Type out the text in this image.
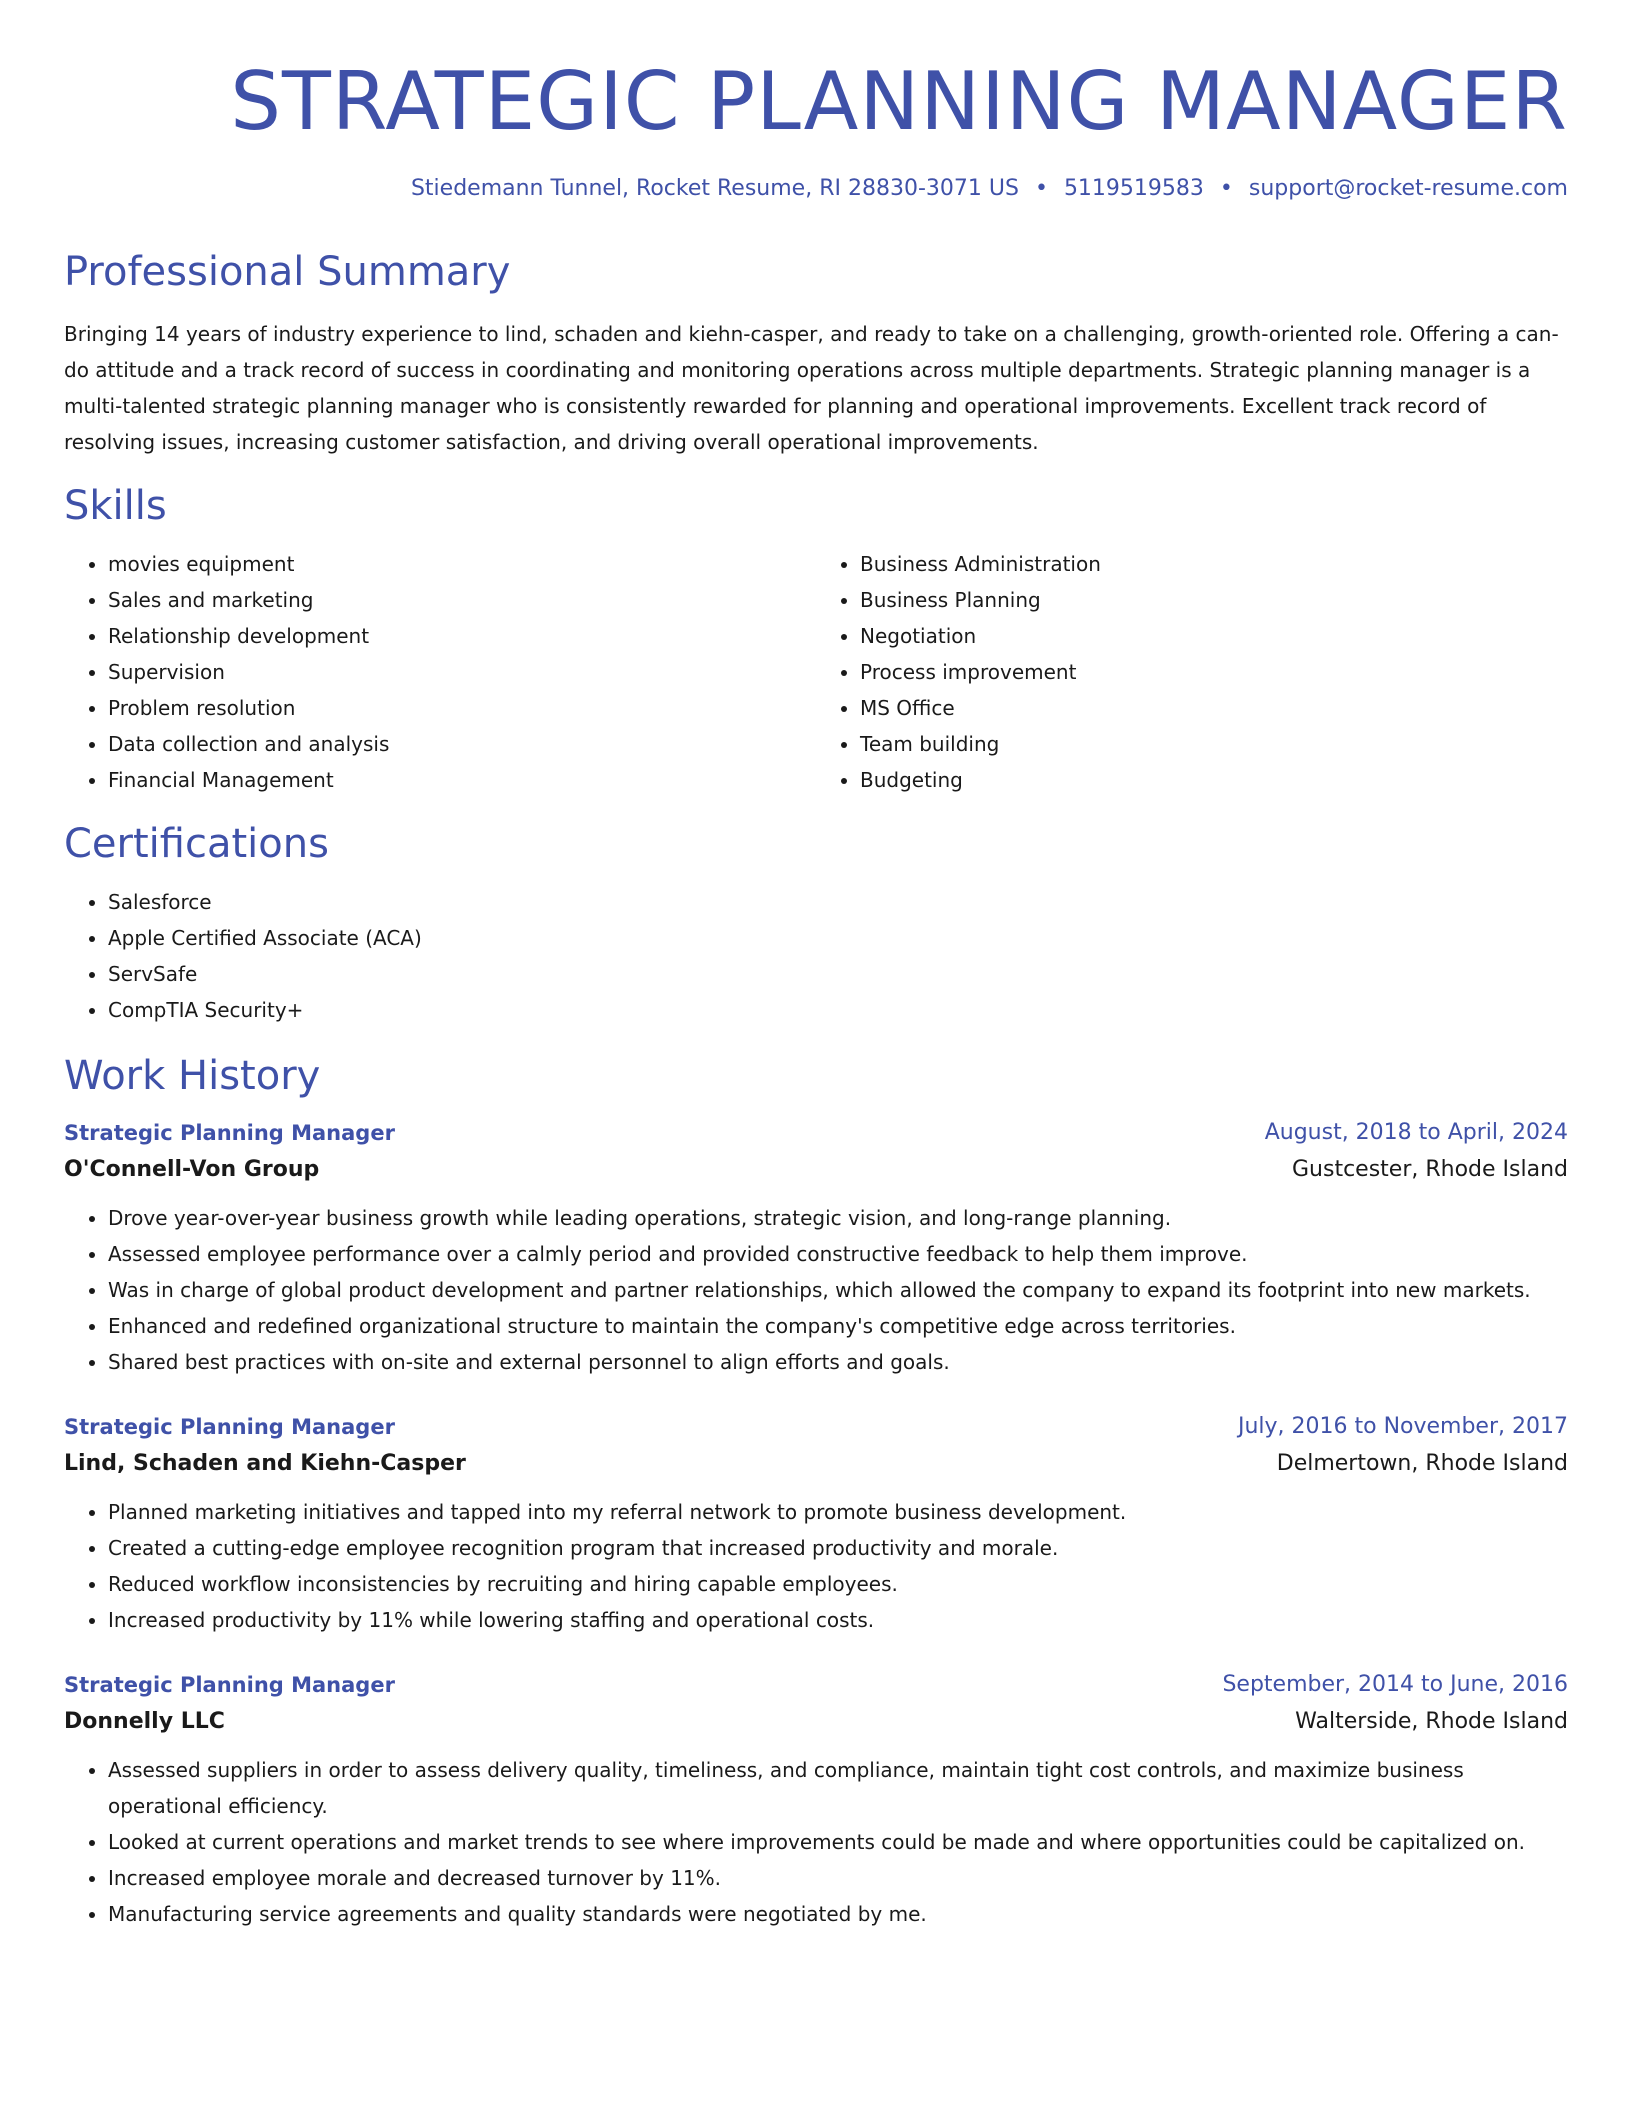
STRATEGIC PLANNING MANAGER
Stiedemann Tunnel, Rocket Resume, RI 28830-3071 US • 5119519583 • support@rocket-resume.com
Professional Summary

Bringing 14 years of industry experience to lind, schaden and kiehn-casper, and ready to take on a challenging, growth-oriented role. Offering a can-do attitude and a track record of success in coordinating and monitoring operations across multiple departments. Strategic planning manager is a multi-talented strategic planning manager who is consistently rewarded for planning and operational improvements. Excellent track record of resolving issues, increasing customer satisfaction, and driving overall operational improvements.

Skills
• movies equipment
• Sales and marketing
• Relationship development
• Supervision
• Problem resolution
• Data collection and analysis
• Financial Management
• Business Administration
• Business Planning
• Negotiation
• Process improvement
• MS Office
• Team building
• Budgeting
Certifications
• Salesforce
• Apple Certified Associate (ACA)
• ServSafe
• CompTIA Security+
Work History
Strategic Planning Manager	August, 2018 to April, 2024
O'Connell-Von Group	Gustcester, Rhode Island
• Drove year-over-year business growth while leading operations, strategic vision, and long-range planning.
• Assessed employee performance over a calmly period and provided constructive feedback to help them improve.
• Was in charge of global product development and partner relationships, which allowed the company to expand its footprint into new markets.
• Enhanced and redefined organizational structure to maintain the company's competitive edge across territories.
• Shared best practices with on-site and external personnel to align efforts and goals.
Strategic Planning Manager	July, 2016 to November, 2017
Lind, Schaden and Kiehn-Casper	Delmertown, Rhode Island
• Planned marketing initiatives and tapped into my referral network to promote business development.
• Created a cutting-edge employee recognition program that increased productivity and morale.
• Reduced workflow inconsistencies by recruiting and hiring capable employees.
• Increased productivity by 11% while lowering staffing and operational costs.
Strategic Planning Manager	September, 2014 to June, 2016
Donnelly LLC	Walterside, Rhode Island
• Assessed suppliers in order to assess delivery quality, timeliness, and compliance, maintain tight cost controls, and maximize business operational efficiency.
• Looked at current operations and market trends to see where improvements could be made and where opportunities could be capitalized on.
• Increased employee morale and decreased turnover by 11%.
• Manufacturing service agreements and quality standards were negotiated by me.
